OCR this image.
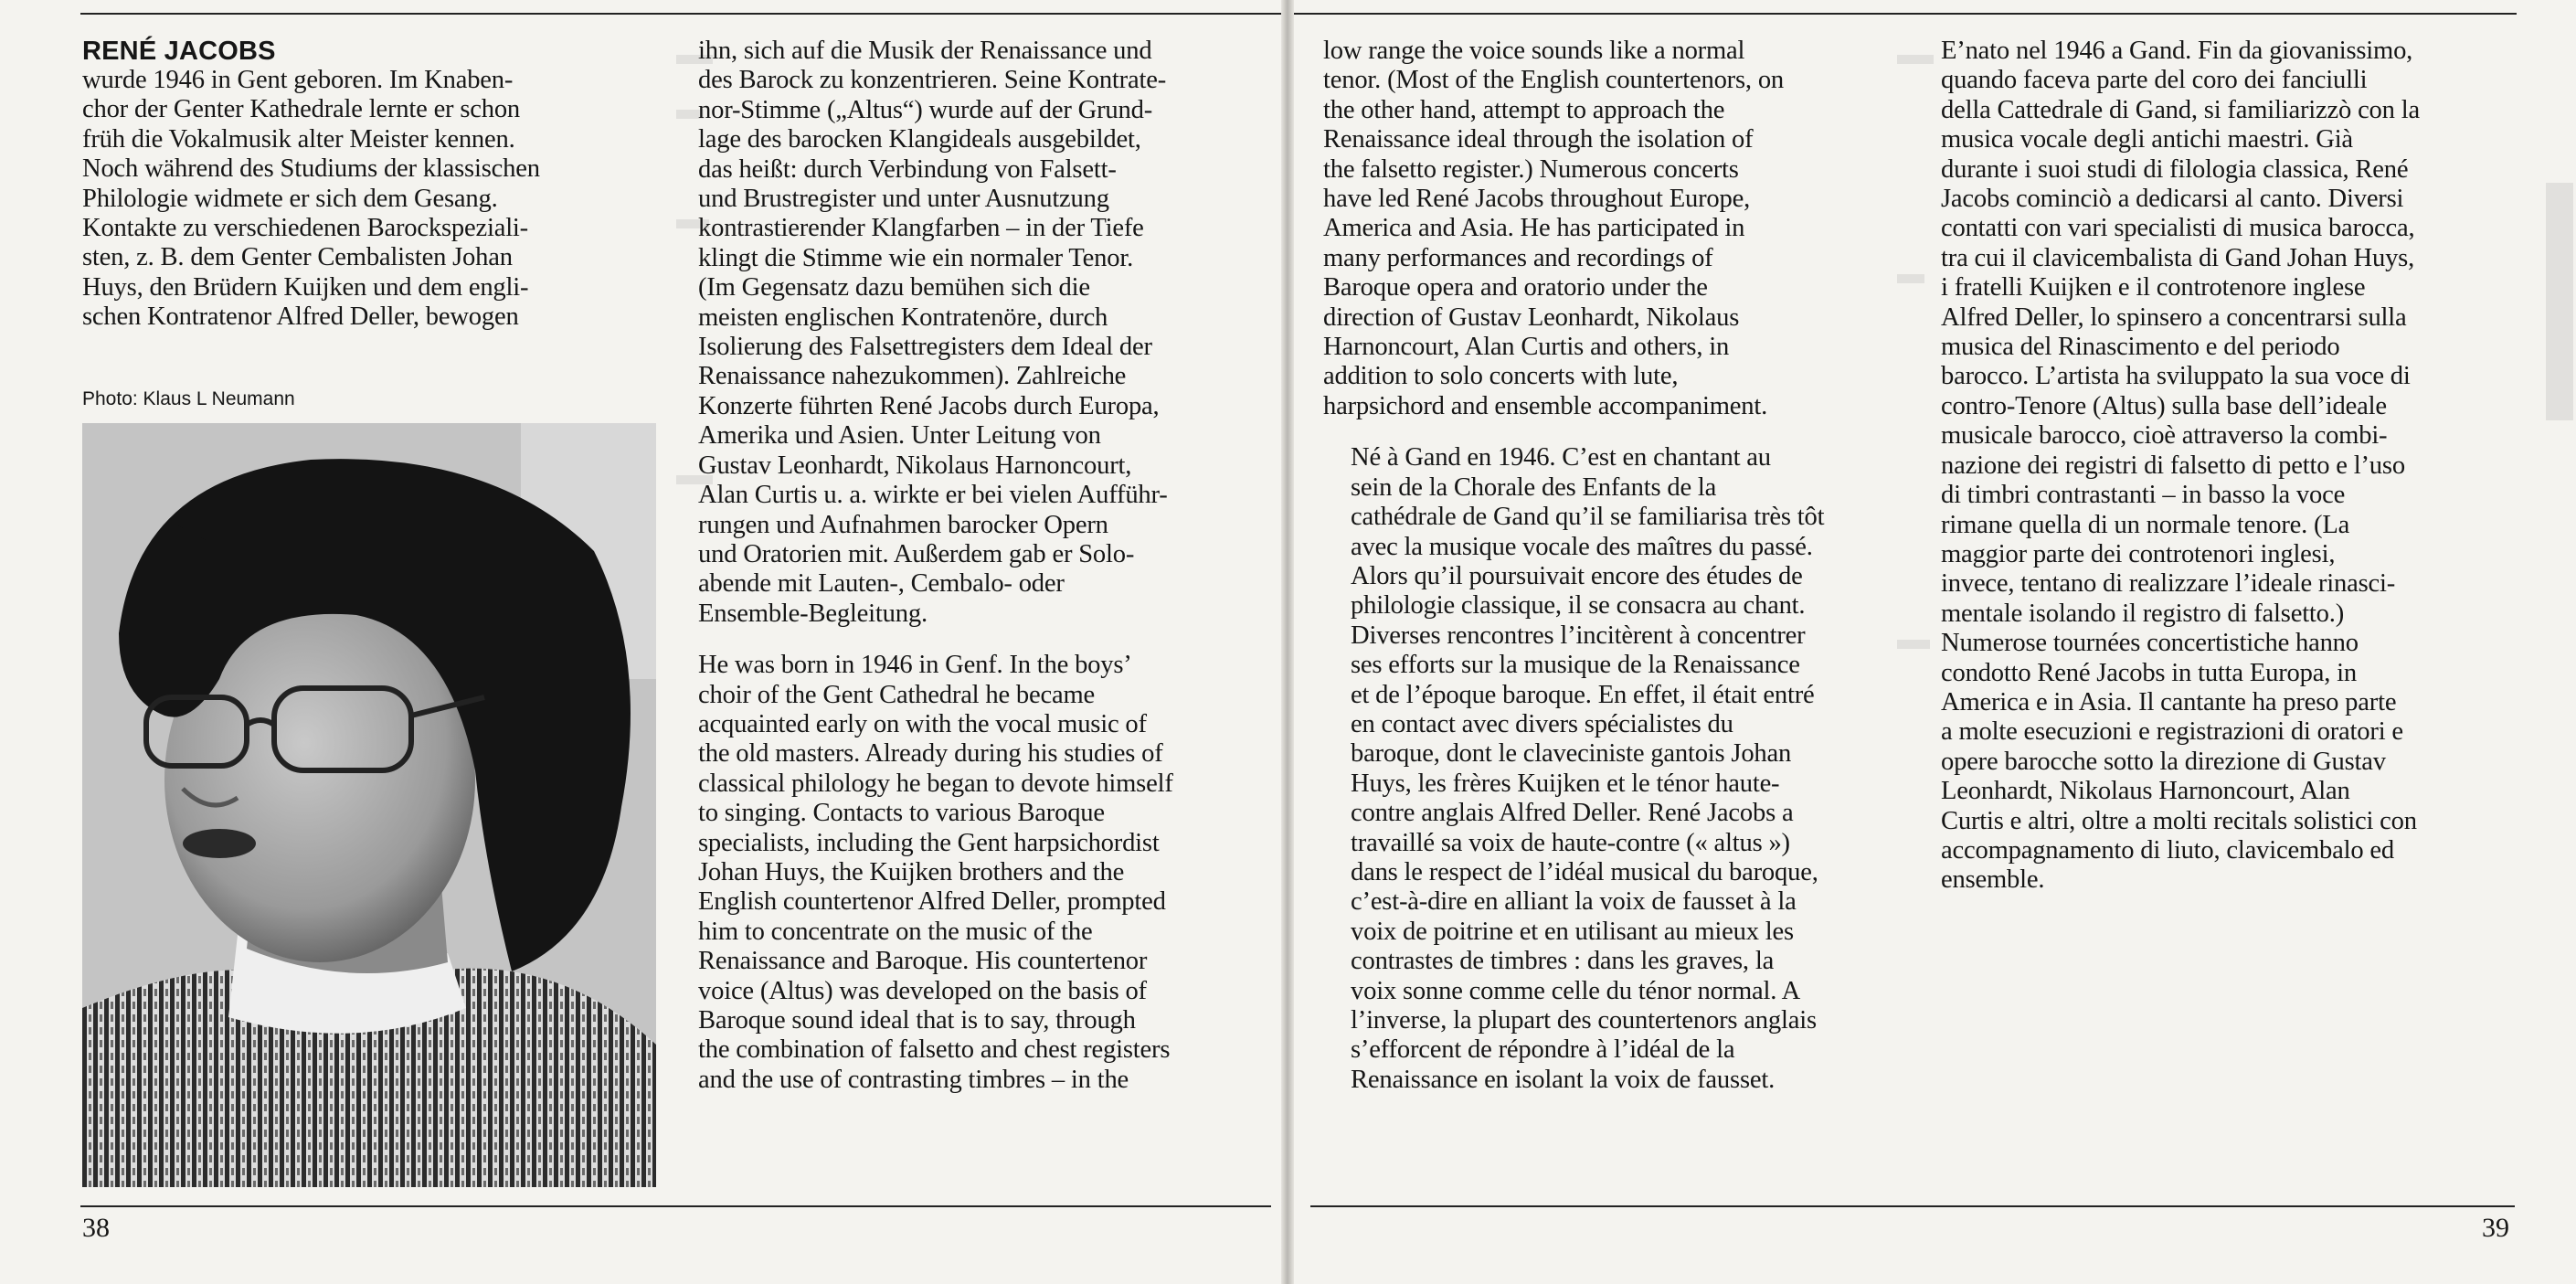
RENÉ JACOBS
wurde 1946 in Gent geboren. Im Knaben-
chor der Genter Kathedrale lernte er schon
früh die Vokalmusik alter Meister kennen.
Noch während des Studiums der klassischen
Philologie widmete er sich dem Gesang.
Kontakte zu verschiedenen Barockspeziali-
sten, z. B. dem Genter Cembalisten Johan
Huys, den Brüdern Kuijken und dem engli-
schen Kontratenor Alfred Deller, bewogen
Photo: Klaus L Neumann
ihn, sich auf die Musik der Renaissance und
des Barock zu konzentrieren. Seine Kontrate-
nor-Stimme („Altus“) wurde auf der Grund-
lage des barocken Klangideals ausgebildet,
das heißt: durch Verbindung von Falsett-
und Brustregister und unter Ausnutzung
kontrastierender Klangfarben – in der Tiefe
klingt die Stimme wie ein normaler Tenor.
(Im Gegensatz dazu bemühen sich die
meisten englischen Kontratenöre, durch
Isolierung des Falsettregisters dem Ideal der
Renaissance nahezukommen). Zahlreiche
Konzerte führten René Jacobs durch Europa,
Amerika und Asien. Unter Leitung von
Gustav Leonhardt, Nikolaus Harnoncourt,
Alan Curtis u. a. wirkte er bei vielen Aufführ-
rungen und Aufnahmen barocker Opern
und Oratorien mit. Außerdem gab er Solo-
abende mit Lauten-, Cembalo- oder
Ensemble-Begleitung.
He was born in 1946 in Genf. In the boys’
choir of the Gent Cathedral he became
acquainted early on with the vocal music of
the old masters. Already during his studies of
classical philology he began to devote himself
to singing. Contacts to various Baroque
specialists, including the Gent harpsichordist
Johan Huys, the Kuijken brothers and the
English countertenor Alfred Deller, prompted
him to concentrate on the music of the
Renaissance and Baroque. His countertenor
voice (Altus) was developed on the basis of
Baroque sound ideal that is to say, through
the combination of falsetto and chest registers
and the use of contrasting timbres – in the
38
low range the voice sounds like a normal
tenor. (Most of the English countertenors, on
the other hand, attempt to approach the
Renaissance ideal through the isolation of
the falsetto register.) Numerous concerts
have led René Jacobs throughout Europe,
America and Asia. He has participated in
many performances and recordings of
Baroque opera and oratorio under the
direction of Gustav Leonhardt, Nikolaus
Harnoncourt, Alan Curtis and others, in
addition to solo concerts with lute,
harpsichord and ensemble accompaniment.
Né à Gand en 1946. C’est en chantant au
sein de la Chorale des Enfants de la
cathédrale de Gand qu’il se familiarisa très tôt
avec la musique vocale des maîtres du passé.
Alors qu’il poursuivait encore des études de
philologie classique, il se consacra au chant.
Diverses rencontres l’incitèrent à concentrer
ses efforts sur la musique de la Renaissance
et de l’époque baroque. En effet, il était entré
en contact avec divers spécialistes du
baroque, dont le claveciniste gantois Johan
Huys, les frères Kuijken et le ténor haute-
contre anglais Alfred Deller. René Jacobs a
travaillé sa voix de haute-contre (« altus »)
dans le respect de l’idéal musical du baroque,
c’est-à-dire en alliant la voix de fausset à la
voix de poitrine et en utilisant au mieux les
contrastes de timbres : dans les graves, la
voix sonne comme celle du ténor normal. A
l’inverse, la plupart des countertenors anglais
s’efforcent de répondre à l’idéal de la
Renaissance en isolant la voix de fausset.
E’nato nel 1946 a Gand. Fin da giovanissimo,
quando faceva parte del coro dei fanciulli
della Cattedrale di Gand, si familiarizzò con la
musica vocale degli antichi maestri. Già
durante i suoi studi di filologia classica, René
Jacobs cominciò a dedicarsi al canto. Diversi
contatti con vari specialisti di musica barocca,
tra cui il clavicembalista di Gand Johan Huys,
i fratelli Kuijken e il controtenore inglese
Alfred Deller, lo spinsero a concentrarsi sulla
musica del Rinascimento e del periodo
barocco. L’artista ha sviluppato la sua voce di
contro-Tenore (Altus) sulla base dell’ideale
musicale barocco, cioè attraverso la combi-
nazione dei registri di falsetto di petto e l’uso
di timbri contrastanti – in basso la voce
rimane quella di un normale tenore. (La
maggior parte dei controtenori inglesi,
invece, tentano di realizzare l’ideale rinasci-
mentale isolando il registro di falsetto.)
Numerose tournées concertistiche hanno
condotto René Jacobs in tutta Europa, in
America e in Asia. Il cantante ha preso parte
a molte esecuzioni e registrazioni di oratori e
opere barocche sotto la direzione di Gustav
Leonhardt, Nikolaus Harnoncourt, Alan
Curtis e altri, oltre a molti recitals solistici con
accompagnamento di liuto, clavicembalo ed
ensemble.
39
